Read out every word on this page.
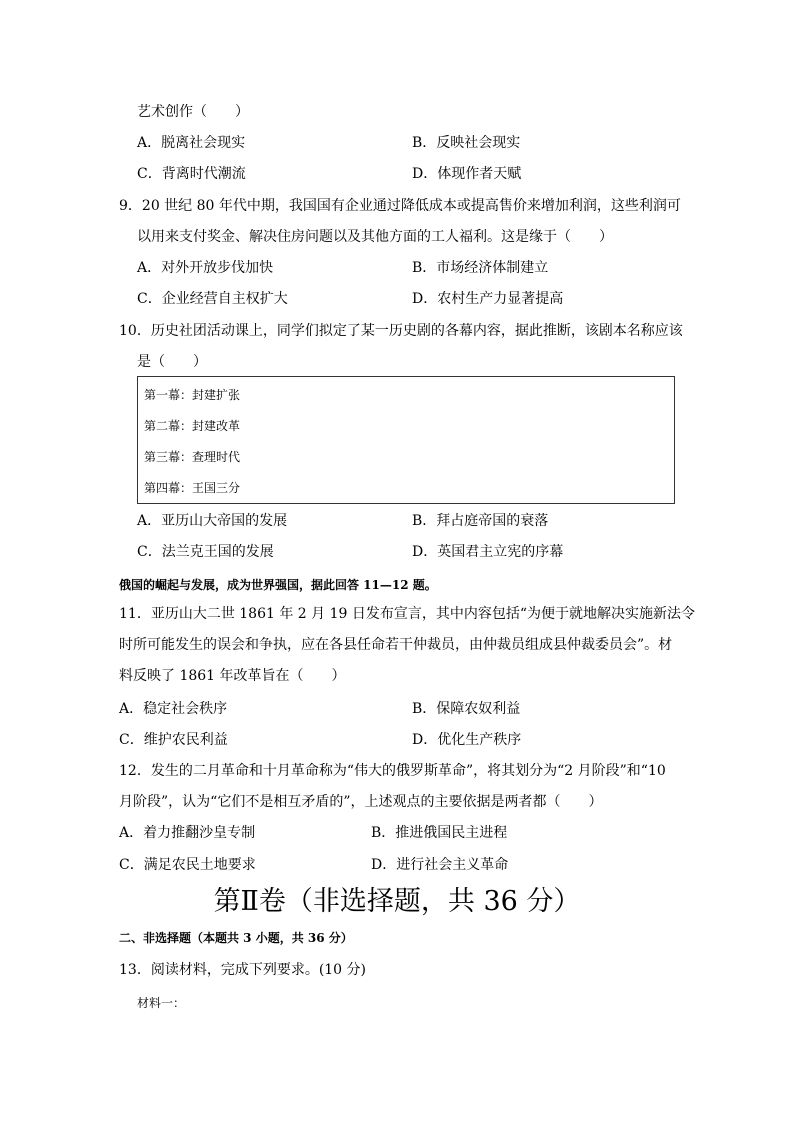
艺术创作（　　）
A．脱离社会现实	B．反映社会现实
C．背离时代潮流	D．体现作者天赋
9．20 世纪 80 年代中期，我国国有企业通过降低成本或提高售价来增加利润，这些利润可
以用来支付奖金、解决住房问题以及其他方面的工人福利。这是缘于（　　）
A．对外开放步伐加快	B．市场经济体制建立
C．企业经营自主权扩大	D．农村生产力显著提高
10．历史社团活动课上，同学们拟定了某一历史剧的各幕内容，据此推断，该剧本名称应该
是（　　）
第一幕：封建扩张
第二幕：封建改革
第三幕：查理时代
第四幕：王国三分
A．亚历山大帝国的发展	B．拜占庭帝国的衰落
C．法兰克王国的发展	D．英国君主立宪的序幕
俄国的崛起与发展，成为世界强国，据此回答 11—12 题。
11．亚历山大二世 1861 年 2 月 19 日发布宣言，其中内容包括“为便于就地解决实施新法令
时所可能发生的误会和争执，应在各县任命若干仲裁员，由仲裁员组成县仲裁委员会”。材
料反映了 1861 年改革旨在（　　）
A．稳定社会秩序	B．保障农奴利益
C．维护农民利益	D．优化生产秩序
12．发生的二月革命和十月革命称为“伟大的俄罗斯革命”，将其划分为“2 月阶段”和“10
月阶段”，认为“它们不是相互矛盾的”，上述观点的主要依据是两者都（　　）
A．着力推翻沙皇专制	B．推进俄国民主进程
C．满足农民土地要求	D．进行社会主义革命
第Ⅱ卷（非选择题，共 36 分）
二、非选择题（本题共 3 小题，共 36 分）
13．阅读材料，完成下列要求。(10 分)
材料一：
